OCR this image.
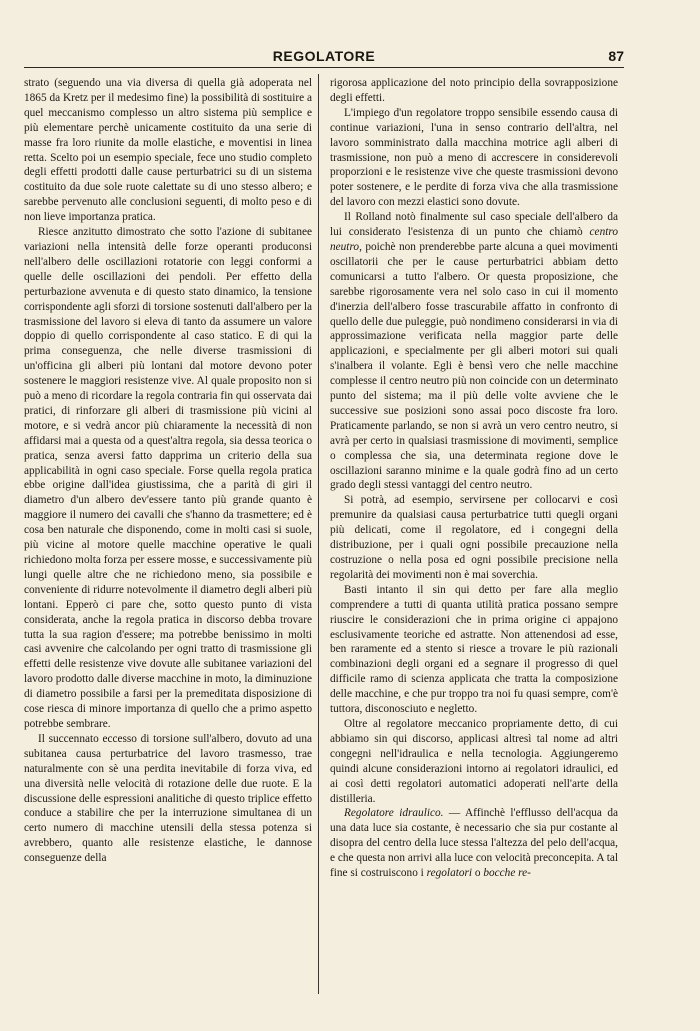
REGOLATORE	87

strato (seguendo una via diversa di quella già adoperata nel 1865 da Kretz per il medesimo fine) la possibilità di sostituire a quel meccanismo complesso un altro sistema più semplice e più elementare perchè unicamente costituito da una serie di masse fra loro riunite da molle elastiche, e moventisi in linea retta. Scelto poi un esempio speciale, fece uno studio completo degli effetti prodotti dalle cause perturbatrici su di un sistema costituito da due sole ruote calettate su di uno stesso albero; e sarebbe pervenuto alle conclusioni seguenti, di molto peso e di non lieve importanza pratica.

Riesce anzitutto dimostrato che sotto l'azione di subitanee variazioni nella intensità delle forze operanti produconsi nell'albero delle oscillazioni rotatorie con leggi conformi a quelle delle oscillazioni dei pendoli. Per effetto della perturbazione avvenuta e di questo stato dinamico, la tensione corrispondente agli sforzi di torsione sostenuti dall'albero per la trasmissione del lavoro si eleva di tanto da assumere un valore doppio di quello corrispondente al caso statico. E di qui la prima conseguenza, che nelle diverse trasmissioni di un'officina gli alberi più lontani dal motore devono poter sostenere le maggiori resistenze vive. Al quale proposito non si può a meno di ricordare la regola contraria fin qui osservata dai pratici, di rinforzare gli alberi di trasmissione più vicini al motore, e si vedrà ancor più chiaramente la necessità di non affidarsi mai a questa od a quest'altra regola, sia dessa teorica o pratica, senza aversi fatto dapprima un criterio della sua applicabilità in ogni caso speciale. Forse quella regola pratica ebbe origine dall'idea giustissima, che a parità di giri il diametro d'un albero dev'essere tanto più grande quanto è maggiore il numero dei cavalli che s'hanno da trasmettere; ed è cosa ben naturale che disponendo, come in molti casi si suole, più vicine al motore quelle macchine operative le quali richiedono molta forza per essere mosse, e successivamente più lungi quelle altre che ne richiedono meno, sia possibile e conveniente di ridurre notevolmente il diametro degli alberi più lontani. Epperò ci pare che, sotto questo punto di vista considerata, anche la regola pratica in discorso debba trovare tutta la sua ragion d'essere; ma potrebbe benissimo in molti casi avvenire che calcolando per ogni tratto di trasmissione gli effetti delle resistenze vive dovute alle subitanee variazioni del lavoro prodotto dalle diverse macchine in moto, la diminuzione di diametro possibile a farsi per la premeditata disposizione di cose riesca di minore importanza di quello che a primo aspetto potrebbe sembrare.

Il succennato eccesso di torsione sull'albero, dovuto ad una subitanea causa perturbatrice del lavoro trasmesso, trae naturalmente con sè una perdita inevitabile di forza viva, ed una diversità nelle velocità di rotazione delle due ruote. E la discussione delle espressioni analitiche di questo triplice effetto conduce a stabilire che per la interruzione simultanea di un certo numero di macchine utensili della stessa potenza si avrebbero, quanto alle resistenze elastiche, le dannose conseguenze della

rigorosa applicazione del noto principio della sovrapposizione degli effetti.

L'impiego d'un regolatore troppo sensibile essendo causa di continue variazioni, l'una in senso contrario dell'altra, nel lavoro somministrato dalla macchina motrice agli alberi di trasmissione, non può a meno di accrescere in considerevoli proporzioni e le resistenze vive che queste trasmissioni devono poter sostenere, e le perdite di forza viva che alla trasmissione del lavoro con mezzi elastici sono dovute.

Il Rolland notò finalmente sul caso speciale dell'albero da lui considerato l'esistenza di un punto che chiamò centro neutro, poichè non prenderebbe parte alcuna a quei movimenti oscillatorii che per le cause perturbatrici abbiam detto comunicarsi a tutto l'albero. Or questa proposizione, che sarebbe rigorosamente vera nel solo caso in cui il momento d'inerzia dell'albero fosse trascurabile affatto in confronto di quello delle due puleggie, può nondimeno considerarsi in via di approssimazione verificata nella maggior parte delle applicazioni, e specialmente per gli alberi motori sui quali s'inalbera il volante. Egli è bensì vero che nelle macchine complesse il centro neutro più non coincide con un determinato punto del sistema; ma il più delle volte avviene che le successive sue posizioni sono assai poco discoste fra loro. Praticamente parlando, se non si avrà un vero centro neutro, si avrà per certo in qualsiasi trasmissione di movimenti, semplice o complessa che sia, una determinata regione dove le oscillazioni saranno minime e la quale godrà fino ad un certo grado degli stessi vantaggi del centro neutro.

Si potrà, ad esempio, servirsene per collocarvi e così premunire da qualsiasi causa perturbatrice tutti quegli organi più delicati, come il regolatore, ed i congegni della distribuzione, per i quali ogni possibile precauzione nella costruzione o nella posa ed ogni possibile precisione nella regolarità dei movimenti non è mai soverchia.

Basti intanto il sin qui detto per fare alla meglio comprendere a tutti di quanta utilità pratica possano sempre riuscire le considerazioni che in prima origine ci appajono esclusivamente teoriche ed astratte. Non attenendosi ad esse, ben raramente ed a stento si riesce a trovare le più razionali combinazioni degli organi ed a segnare il progresso di quel difficile ramo di scienza applicata che tratta la composizione delle macchine, e che pur troppo tra noi fu quasi sempre, com'è tuttora, disconosciuto e negletto.

Oltre al regolatore meccanico propriamente detto, di cui abbiamo sin qui discorso, applicasi altresì tal nome ad altri congegni nell'idraulica e nella tecnologia. Aggiungeremo quindi alcune considerazioni intorno ai regolatori idraulici, ed ai così detti regolatori automatici adoperati nell'arte della distilleria.

Regolatore idraulico. — Affinchè l'efflusso dell'acqua da una data luce sia costante, è necessario che sia pur costante al disopra del centro della luce stessa l'altezza del pelo dell'acqua, e che questa non arrivi alla luce con velocità preconcepita. A tal fine si costruiscono i regolatori o bocche re-
